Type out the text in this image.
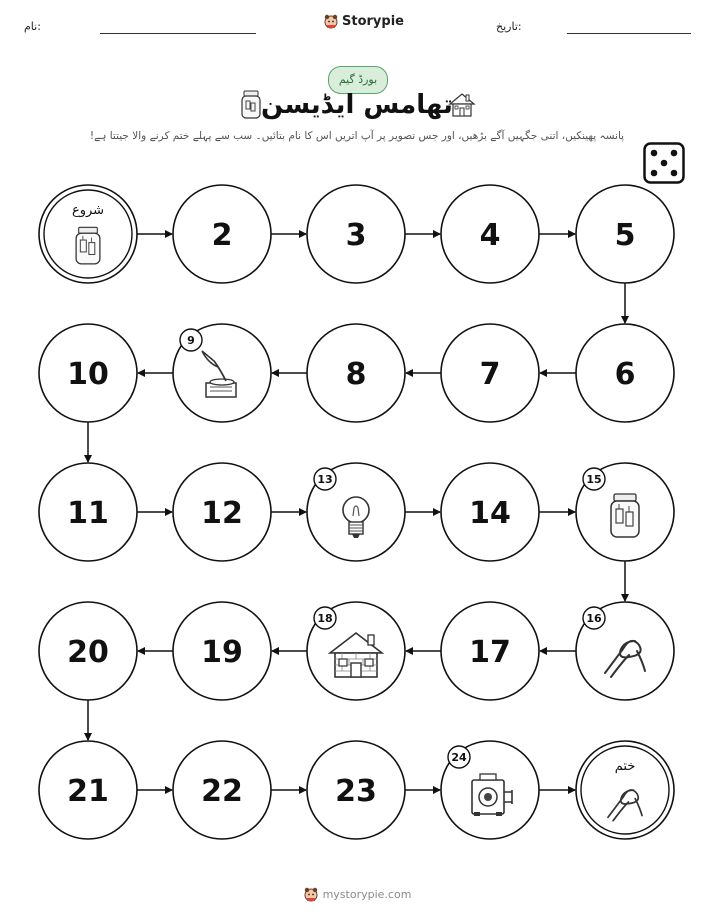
نام:	Storypie	تاریخ:
بورڈ گیم
تھامس ایڈیسن
پانسہ پھینکیں، اتنی جگہیں آگے بڑھیں، اور جس تصویر پر آپ اتریں اس کا نام بتائیں۔ سب سے پہلے ختم کرنے والا جیتتا ہے!
شروع
2	3	4	5
6
7
8
9
10
11	12
13
14
15
16
17
18
19
20
21	22	23
24
ختم
mystorypie.com
